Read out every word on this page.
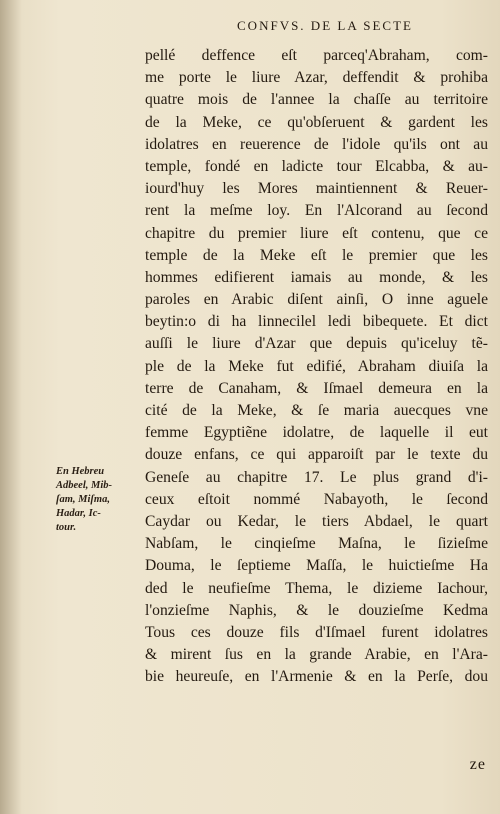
CONFVS. DE LA SECTE
pellé deffence eſt parceq'Abraham, com-
me porte le liure Azar, deffendit & prohiba
quatre mois de l'annee la chaſſe au territoire
de la Meke, ce qu'obſeruent & gardent les
idolatres en reuerence de l'idole qu'ils ont au
temple, fondé en ladicte tour Elcabba, & au-
iourd'huy les Mores maintiennent & Reuer-
rent la meſme loy. En l'Alcorand au ſecond
chapitre du premier liure eſt contenu, que ce
temple de la Meke eſt le premier que les
hommes edifierent iamais au monde, & les
paroles en Arabic diſent ainſi, O inne aguele
beytin:o di ha linnecilel ledi bibequete. Et dict
auſſi le liure d'Azar que depuis qu'iceluy tẽ-
ple de la Meke fut edifié, Abraham diuiſa la
terre de Canaham, & Iſmael demeura en la
cité de la Meke, & ſe maria auecques vne
femme Egyptiẽne idolatre, de laquelle il eut
douze enfans, ce qui apparoiſt par le texte du
Geneſe au chapitre 17. Le plus grand d'i-
ceux eſtoit nommé Nabayoth, le ſecond
Caydar ou Kedar, le tiers Abdael, le quart
Nabſam, le cinqieſme Maſna, le ſizieſme
Douma, le ſeptieme Maſſa, le huictieſme Ha
ded le neufieſme Thema, le dizieme Iachour,
l'onzieſme Naphis, & le douzieſme Kedma
Tous ces douze fils d'Iſmael furent idolatres
& mirent ſus en la grande Arabie, en l'Ara-
bie heureuſe, en l'Armenie & en la Perſe, dou
En Hebreu
Adbeel, Mib-
ſam, Miſma,
Hadar, Ic-
tour.
ze
